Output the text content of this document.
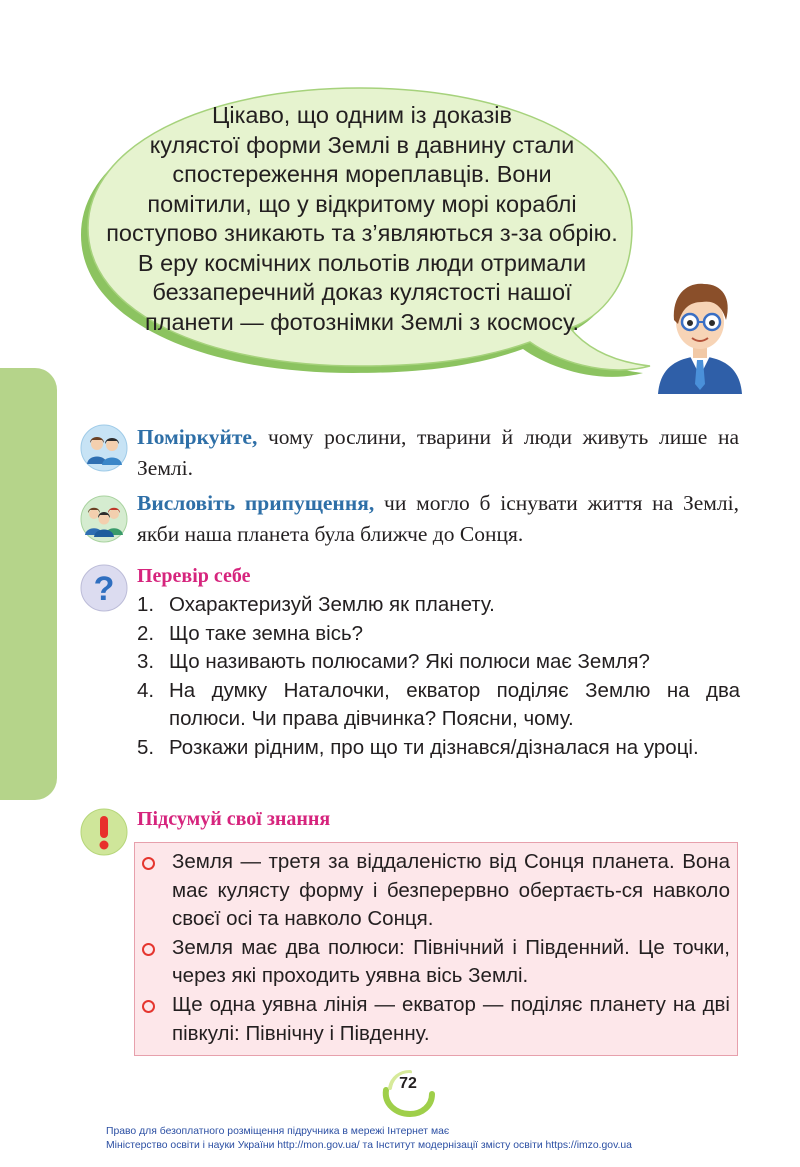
Цікаво, що одним із доказів
кулястої форми Землі в давнину стали
спостереження мореплавців. Вони
помітили, що у відкритому морі кораблі
поступово зникають та з’являються з-за обрію.
В еру космічних польотів люди отримали
беззаперечний доказ кулястості нашої
планети — фотознімки Землі з космосу.
Поміркуйте, чому рослини, тварини й люди живуть лише на Землі.
Висловіть припущення, чи могло б існувати життя на Землі, якби наша планета була ближче до Сонця.
? Перевір себе
1. Охарактеризуй Землю як планету.
2. Що таке земна вісь?
3. Що називають полюсами? Які полюси має Земля?
4. На думку Наталочки, екватор поділяє Землю на два полюси. Чи права дівчинка? Поясни, чому.
5. Розкажи рідним, про що ти дізнався/дізналася на уроці.
Підсумуй свої знання
Земля — третя за віддаленістю від Сонця планета. Вона має кулясту форму і безперервно обертаєть-ся навколо своєї осі та навколо Сонця.
Земля має два полюси: Північний і Південний. Це точки, через які проходить уявна вісь Землі.
Ще одна уявна лінія — екватор — поділяє планету на дві півкулі: Північну і Південну.
72
Право для безоплатного розміщення підручника в мережі Інтернет має
Міністерство освіти і науки України http://mon.gov.ua/ та Інститут модернізації змісту освіти https://imzo.gov.ua
